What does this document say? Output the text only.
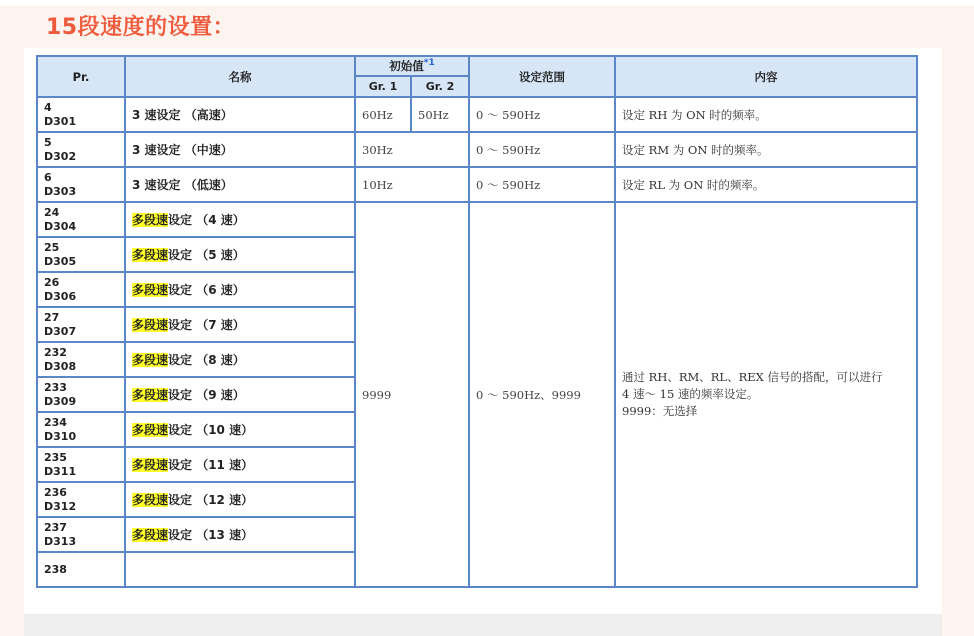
15段速度的设置：
Pr.	名称	初始值$^{*1}$		设定范围	内容
		Gr. 1	Gr. 2		

4
D301	3 速设定 （高速）	60Hz	50Hz	0 ～ 590Hz	设定 RH 为 ON 时的频率。

5
D302	3 速设定 （中速）	30Hz		0 ～ 590Hz	设定 RM 为 ON 时的频率。

6
D303	3 速设定 （低速）	10Hz		0 ～ 590Hz	设定 RL 为 ON 时的频率。

24
D304	多段速设定 （4 速）	9999		0 ～ 590Hz、9999	通过 RH、RM、RL、REX 信号的搭配，可以进行
4 速～ 15 速的频率设定。
9999：无选择

25
D305	多段速设定 （5 速）				

26
D306	多段速设定 （6 速）				

27
D307	多段速设定 （7 速）				

232
D308	多段速设定 （8 速）				

233
D309	多段速设定 （9 速）				

234
D310	多段速设定 （10 速）				

235
D311	多段速设定 （11 速）				

236
D312	多段速设定 （12 速）				

237
D313	多段速设定 （13 速）				

238					
